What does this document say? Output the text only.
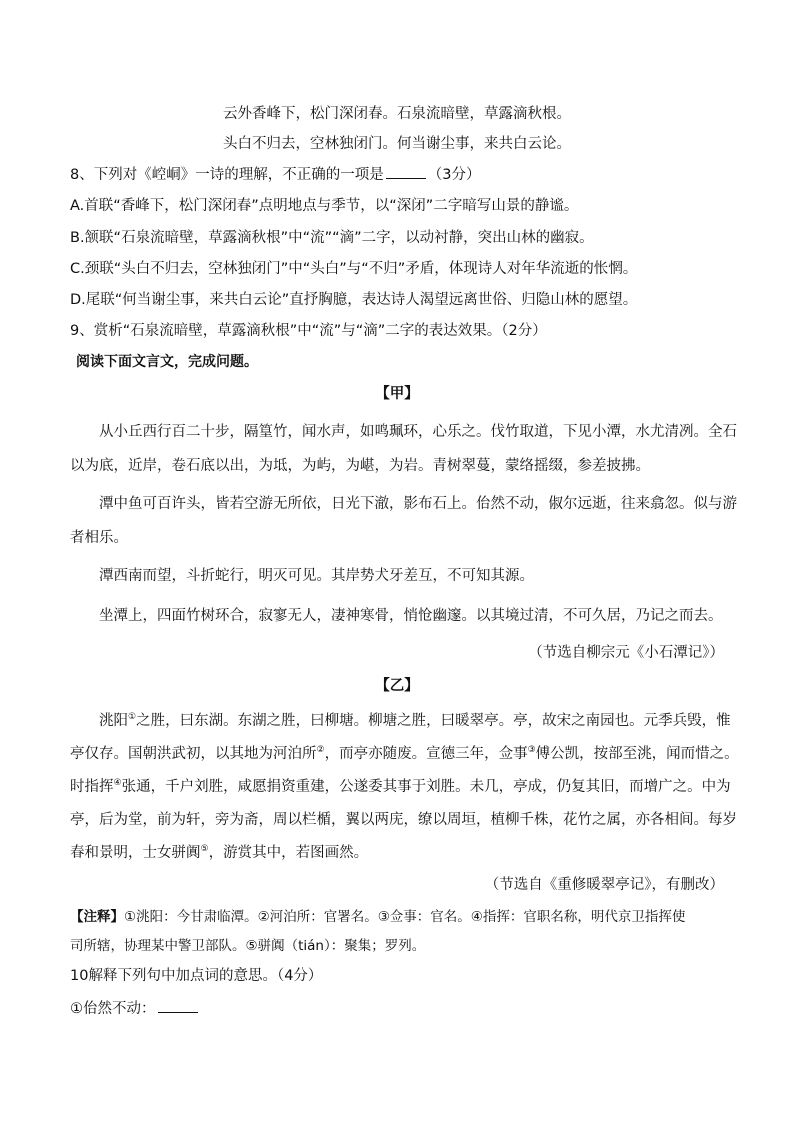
云外香峰下，松门深闭春。石泉流暗壁，草露滴秋根。
头白不归去，空林独闭门。何当谢尘事，来共白云论。
8、下列对《崆峒》一诗的理解，不正确的一项是	（3分）
A.首联“香峰下，松门深闭春”点明地点与季节，以“深闭”二字暗写山景的静谧。
B.颔联“石泉流暗壁，草露滴秋根”中“流”“滴”二字，以动衬静，突出山林的幽寂。
C.颈联“头白不归去，空林独闭门”中“头白”与“不归”矛盾，体现诗人对年华流逝的怅惘。
D.尾联“何当谢尘事，来共白云论”直抒胸臆，表达诗人渴望远离世俗、归隐山林的愿望。
9、赏析“石泉流暗壁，草露滴秋根”中“流”与“滴”二字的表达效果。（2分）
阅读下面文言文，完成问题。
【甲】
从小丘西行百二十步，隔篁竹，闻水声，如鸣珮环，心乐之。伐竹取道，下见小潭，水尤清冽。全石
以为底，近岸，卷石底以出，为坻，为屿，为嵁，为岩。青树翠蔓，蒙络摇缀，参差披拂。
潭中鱼可百许头，皆若空游无所依，日光下澈，影布石上。佁然不动，俶尔远逝，往来翕忽。似与游
者相乐。
潭西南而望，斗折蛇行，明灭可见。其岸势犬牙差互，不可知其源。
坐潭上，四面竹树环合，寂寥无人，凄神寒骨，悄怆幽邃。以其境过清，不可久居，乃记之而去。
（节选自柳宗元《小石潭记》）
【乙】
洮阳①之胜，曰东湖。东湖之胜，曰柳塘。柳塘之胜，曰暖翠亭。亭，故宋之南园也。元季兵毁，惟
亭仅存。国朝洪武初，以其地为河泊所②，而亭亦随废。宣德三年，佥事③傅公凯，按部至洮，闻而惜之。
时指挥④张通，千户刘胜，咸愿捐资重建，公遂委其事于刘胜。未几，亭成，仍复其旧，而增广之。中为
亭，后为堂，前为轩，旁为斋，周以栏楯，翼以两庑，缭以周垣，植柳千株，花竹之属，亦各相间。每岁
春和景明，士女骈阗⑤，游赏其中，若图画然。
（节选自《重修暖翠亭记》，有删改）
【注释】①洮阳：今甘肃临潭。②河泊所：官署名。③佥事：官名。④指挥：官职名称，明代京卫指挥使
司所辖，协理某中警卫部队。⑤骈阗（tián）：聚集；罗列。
10解释下列句中加点词的意思。（4分）
①佁然不动：
